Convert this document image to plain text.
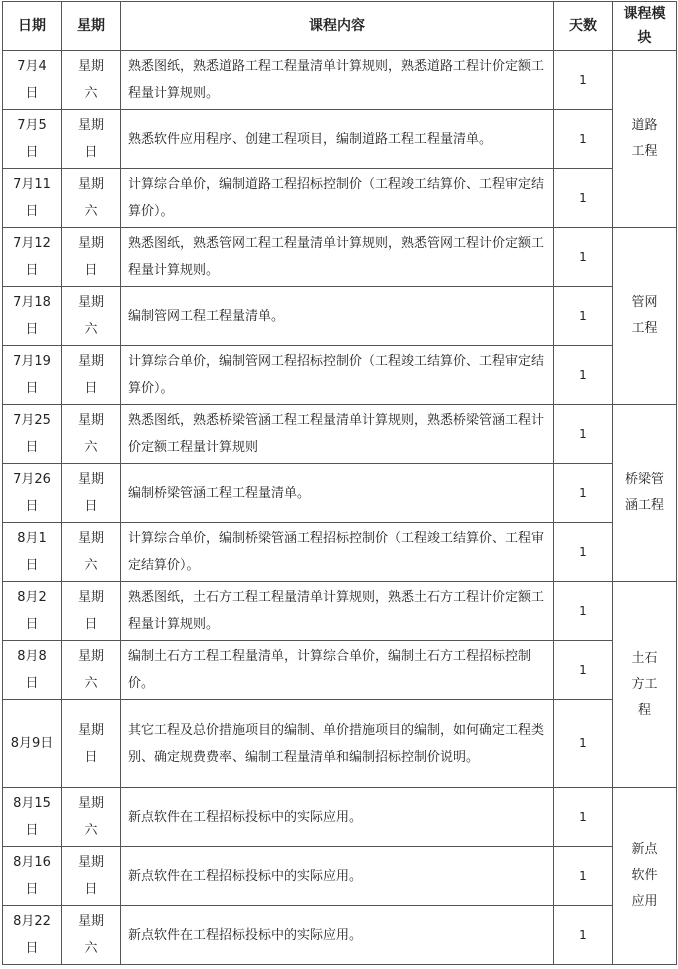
日期	星期	课程内容	天数	课程模块

7月4日	星期六	熟悉图纸，熟悉道路工程工程量清单计算规则，熟悉道路工程计价定额工程量计算规则。	1	道路工程
7月5日	星期日	熟悉软件应用程序、创建工程项目，编制道路工程工程量清单。	1	
7月11日	星期六	计算综合单价，编制道路工程招标控制价（工程竣工结算价、工程审定结算价）。	1	
7月12日	星期日	熟悉图纸，熟悉管网工程工程量清单计算规则，熟悉管网工程计价定额工程量计算规则。	1	管网工程
7月18日	星期六	编制管网工程工程量清单。	1	
7月19日	星期日	计算综合单价，编制管网工程招标控制价（工程竣工结算价、工程审定结算价）。	1	
7月25日	星期六	熟悉图纸，熟悉桥梁管涵工程工程量清单计算规则，熟悉桥梁管涵工程计价定额工程量计算规则	1	桥梁管涵工程
7月26日	星期日	编制桥梁管涵工程工程量清单。	1	
8月1日	星期六	计算综合单价，编制桥梁管涵工程招标控制价（工程竣工结算价、工程审定结算价）。	1	
8月2日	星期日	熟悉图纸，土石方工程工程量清单计算规则，熟悉土石方工程计价定额工程量计算规则。	1	土石方工程
8月8日	星期六	编制土石方工程工程量清单，计算综合单价，编制土石方工程招标控制价。	1	
8月9日	星期日	其它工程及总价措施项目的编制、单价措施项目的编制，如何确定工程类别、确定规费费率、编制工程量清单和编制招标控制价说明。	1	
8月15日	星期六	新点软件在工程招标投标中的实际应用。	1	新点软件应用
8月16日	星期日	新点软件在工程招标投标中的实际应用。	1	
8月22日	星期六	新点软件在工程招标投标中的实际应用。	1	
